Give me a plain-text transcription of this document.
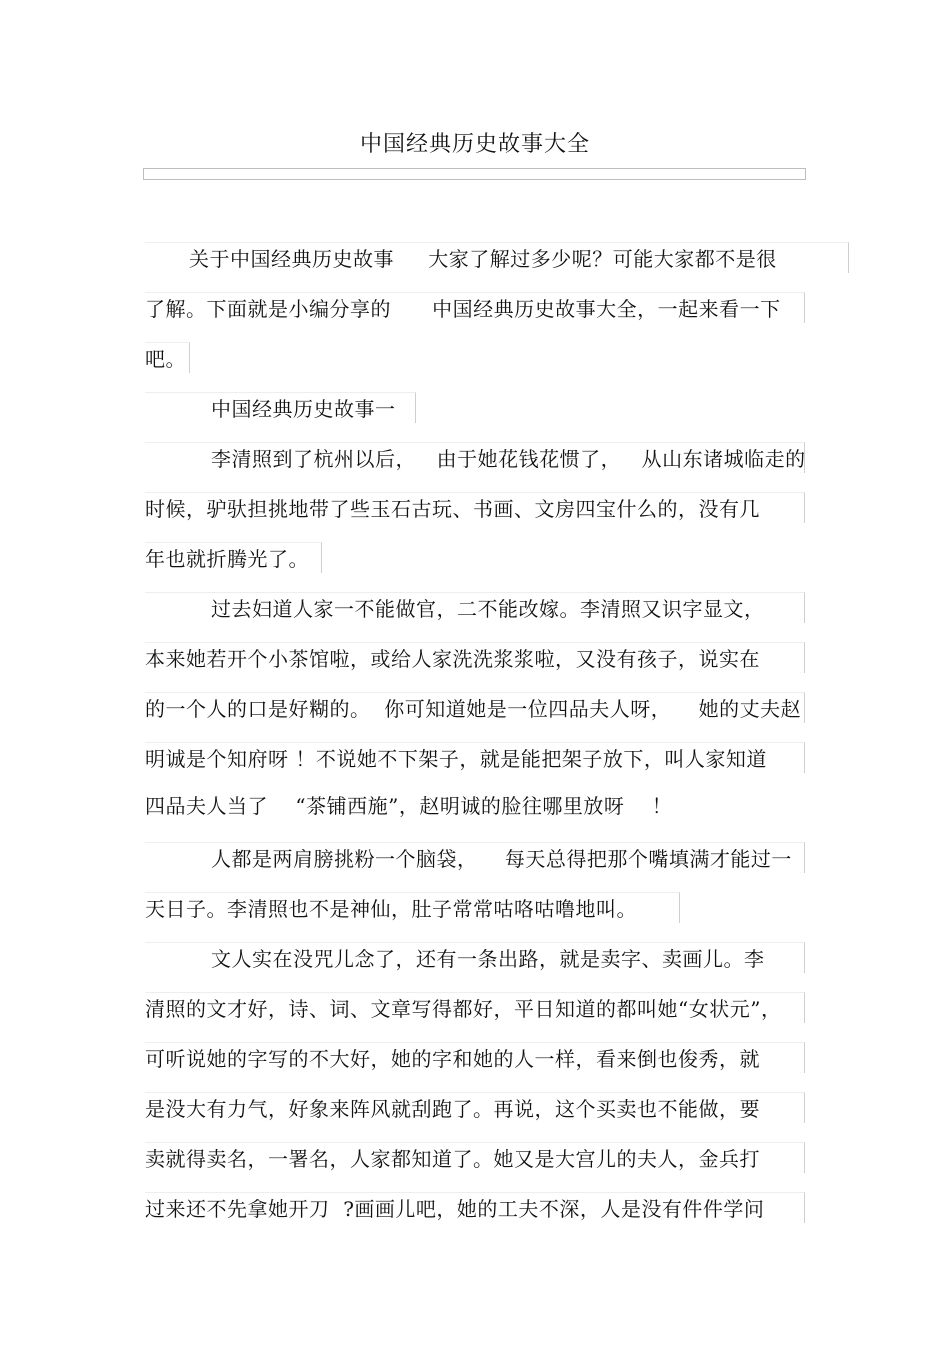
中国经典历史故事大全
关于中国经典历史故事     大家了解过多少呢？可能大家都不是很
了解。下面就是小编分享的      中国经典历史故事大全，一起来看一下
吧。
中国经典历史故事一
李清照到了杭州以后，   由于她花钱花惯了，   从山东诸城临走的
时候，驴驮担挑地带了些玉石古玩、书画、文房四宝什么的，没有几
年也就折腾光了。
过去妇道人家一不能做官，二不能改嫁。李清照又识字显文，
本来她若开个小茶馆啦，或给人家洗洗浆浆啦，又没有孩子，说实在
的一个人的口是好糊的。  你可知道她是一位四品夫人呀，    她的丈夫赵
明诚是个知府呀 ！不说她不下架子，就是能把架子放下，叫人家知道
四品夫人当了    “茶铺西施”，赵明诚的脸往哪里放呀    ！
人都是两肩膀挑粉一个脑袋，    每天总得把那个嘴填满才能过一
天日子。李清照也不是神仙，肚子常常咕咯咕噜地叫。
文人实在没咒儿念了，还有一条出路，就是卖字、卖画儿。李
清照的文才好，诗、词、文章写得都好，平日知道的都叫她“女状元”，
可听说她的字写的不大好，她的字和她的人一样，看来倒也俊秀，就
是没大有力气，好象来阵风就刮跑了。再说，这个买卖也不能做，要
卖就得卖名，一署名，人家都知道了。她又是大宫儿的夫人，金兵打
过来还不先拿她开刀  ?画画儿吧，她的工夫不深，人是没有件件学问
